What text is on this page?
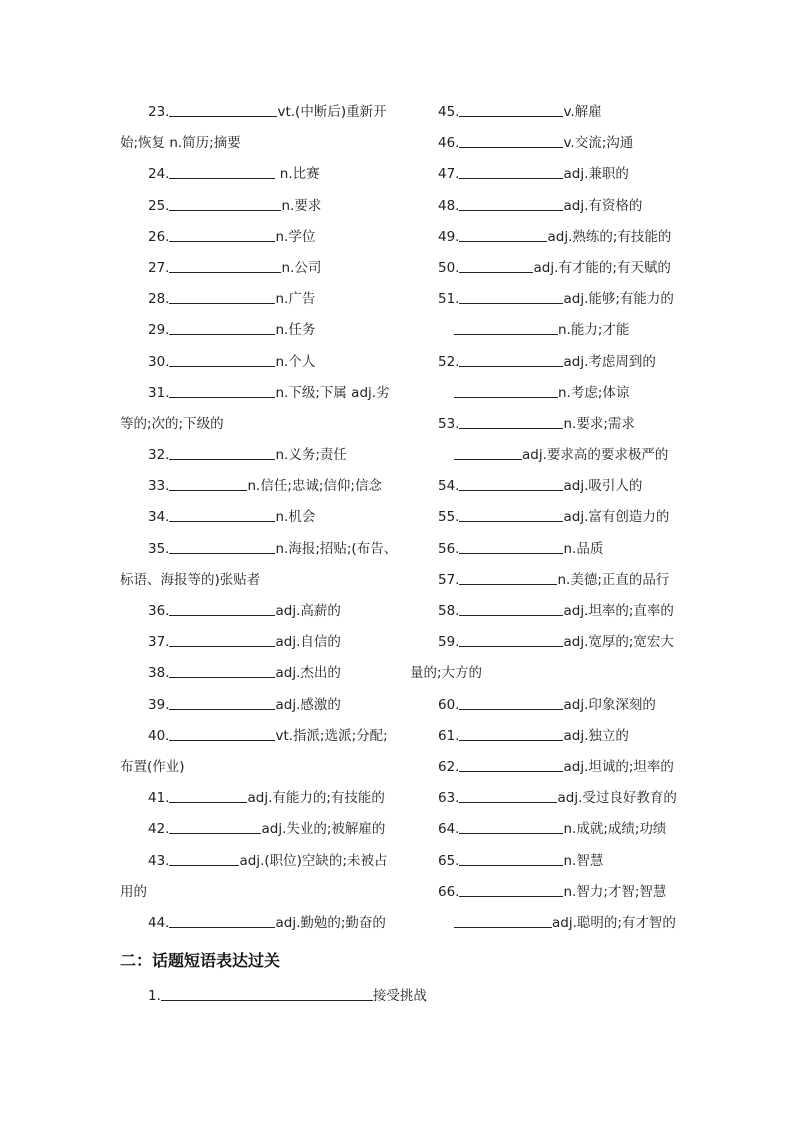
23.	vt.(中断后)重新开
始;恢复 n.简历;摘要
24.	n.比赛
25.	n.要求
26.	n.学位
27.	n.公司
28.	n.广告
29.	n.任务
30.	n.个人
31.	n.下级;下属 adj.劣
等的;次的;下级的
32.	n.义务;责任
33.	n.信任;忠诚;信仰;信念
34.	n.机会
35.	n.海报;招贴;(布告、
标语、海报等的)张贴者
36.	adj.高薪的
37.	adj.自信的
38.	adj.杰出的
39.	adj.感激的
40.	vt.指派;选派;分配;
布置(作业)
41.	adj.有能力的;有技能的
42.	adj.失业的;被解雇的
43.	adj.(职位)空缺的;未被占
用的
44.	adj.勤勉的;勤奋的
45.	v.解雇
46.	v.交流;沟通
47.	adj.兼职的
48.	adj.有资格的
49.	adj.熟练的;有技能的
50.	adj.有才能的;有天赋的
51.	adj.能够;有能力的
n.能力;才能
52.	adj.考虑周到的
n.考虑;体谅
53.	n.要求;需求
adj.要求高的要求极严的
54.	adj.吸引人的
55.	adj.富有创造力的
56.	n.品质
57.	n.美德;正直的品行
58.	adj.坦率的;直率的
59.	adj.宽厚的;宽宏大
量的;大方的
60.	adj.印象深刻的
61.	adj.独立的
62.	adj.坦诚的;坦率的
63.	adj.受过良好教育的
64.	n.成就;成绩;功绩
65.	n.智慧
66.	n.智力;才智;智慧
adj.聪明的;有才智的
二：话题短语表达过关
1.	接受挑战
